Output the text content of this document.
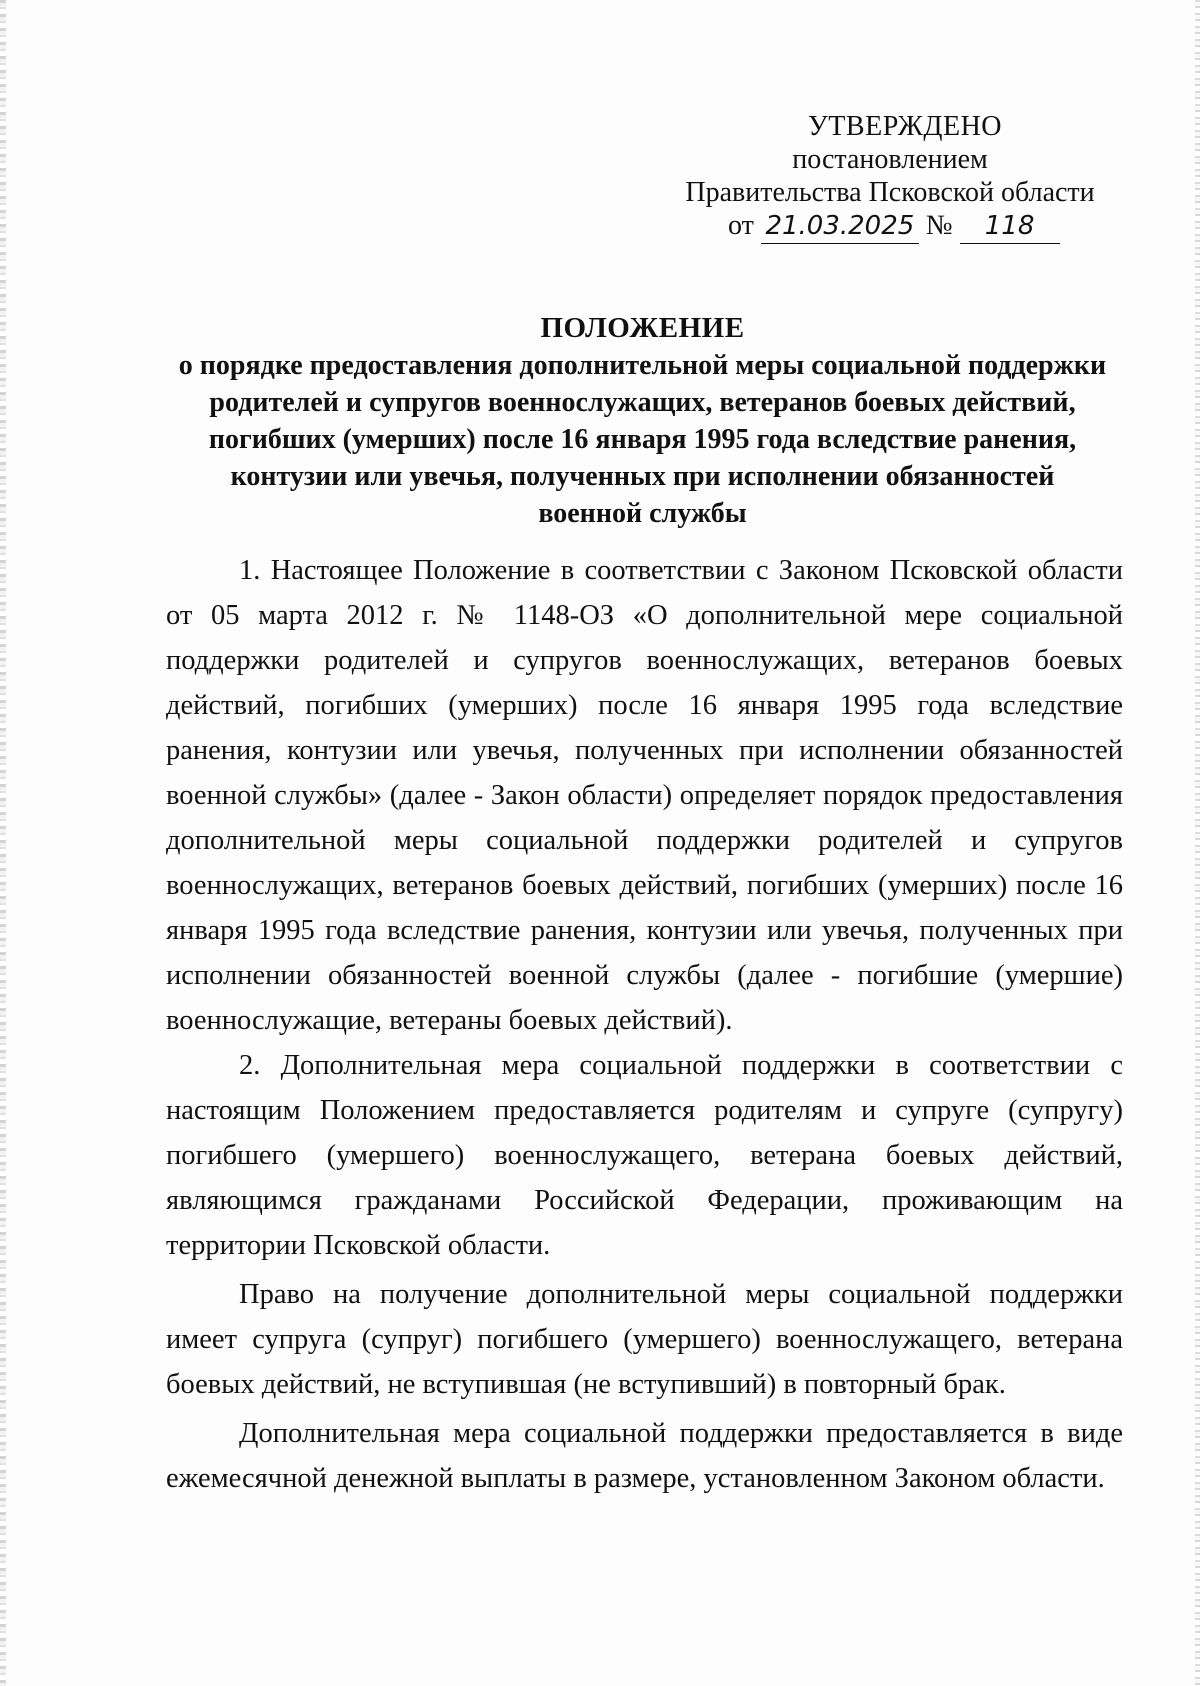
УТВЕРЖДЕНО
постановлением
Правительства Псковской области
от 21.03.2025 № 118
ПОЛОЖЕНИЕ
о порядке предоставления дополнительной меры социальной поддержки
родителей и супругов военнослужащих, ветеранов боевых действий,
погибших (умерших) после 16 января 1995 года вследствие ранения,
контузии или увечья, полученных при исполнении обязанностей
военной службы

1. Настоящее Положение в соответствии с Законом Псковской области от 05 марта 2012 г. № 1148-ОЗ «О дополнительной мере социальной поддержки родителей и супругов военнослужащих, ветеранов боевых действий, погибших (умерших) после 16 января 1995 года вследствие ранения, контузии или увечья, полученных при исполнении обязанностей военной службы» (далее - Закон области) определяет порядок предоставления дополнительной меры социальной поддержки родителей и супругов военнослужащих, ветеранов боевых действий, погибших (умерших) после 16 января 1995 года вследствие ранения, контузии или увечья, полученных при исполнении обязанностей военной службы (далее - погибшие (умершие) военнослужащие, ветераны боевых действий).

2. Дополнительная мера социальной поддержки в соответствии с настоящим Положением предоставляется родителям и супруге (супругу) погибшего (умершего) военнослужащего, ветерана боевых действий, являющимся гражданами Российской Федерации, проживающим на территории Псковской области.

Право на получение дополнительной меры социальной поддержки имеет супруга (супруг) погибшего (умершего) военнослужащего, ветерана боевых действий, не вступившая (не вступивший) в повторный брак.

Дополнительная мера социальной поддержки предоставляется в виде ежемесячной денежной выплаты в размере, установленном Законом области.
